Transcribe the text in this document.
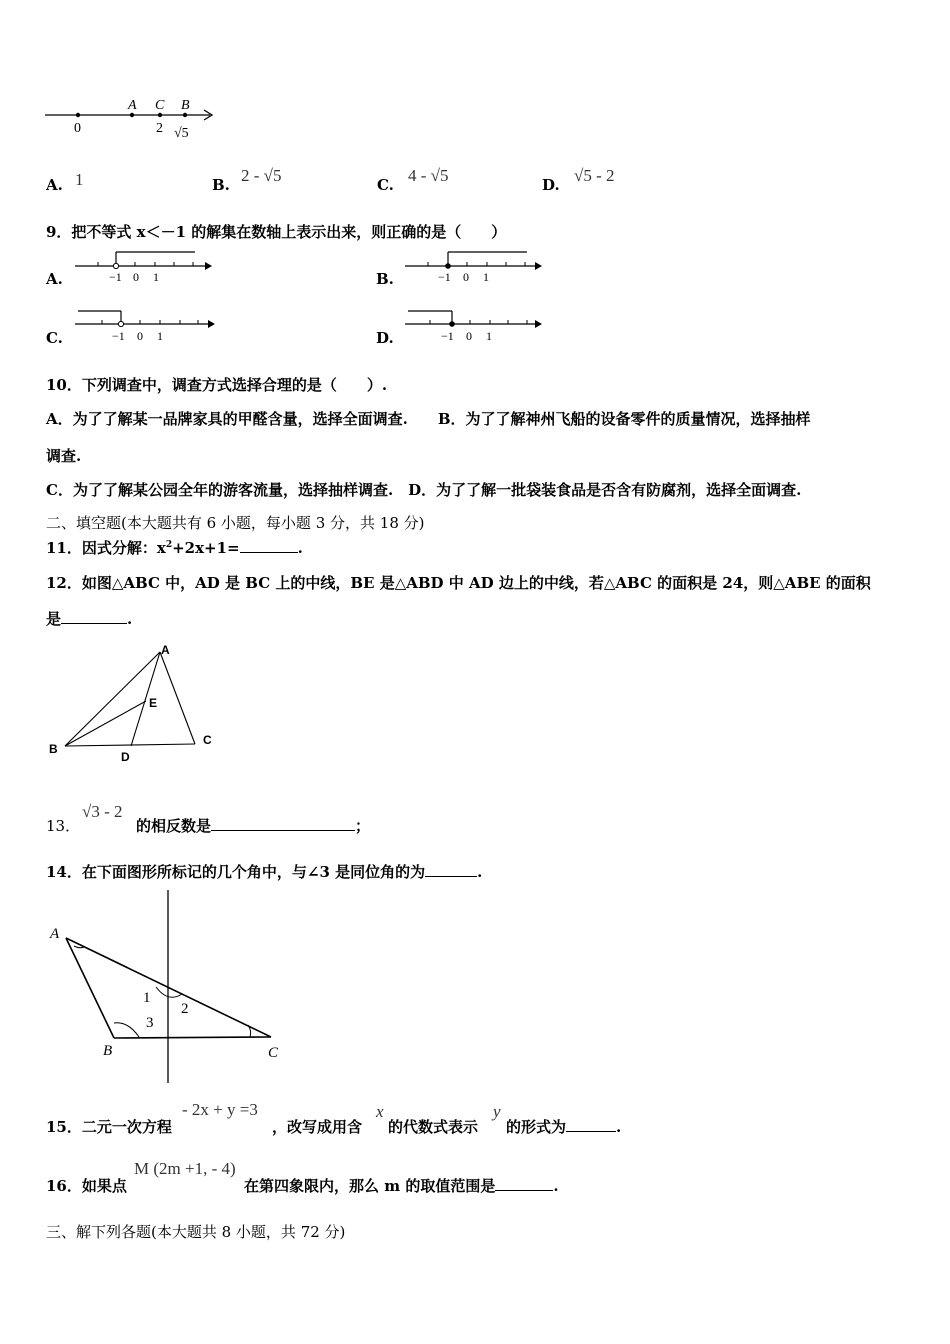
0
A C B
2 √5
A. 1	B. 2 - √5	C. 4 - √5	D. √5 - 2
9．把不等式 x＜－1 的解集在数轴上表示出来，则正确的是（　　）
A.	−1 0 1	B.	−1 0 1
C.	−1 0 1	D.	−1 0 1
10．下列调查中，调查方式选择合理的是（　　）.
A．为了了解某一品牌家具的甲醛含量，选择全面调查.　　B．为了了解神州飞船的设备零件的质量情况，选择抽样
调查.
C．为了了解某公园全年的游客流量，选择抽样调查.　D．为了了解一批袋装食品是否含有防腐剂，选择全面调查.
二、填空题(本大题共有 6 小题，每小题 3 分，共 18 分)
11．因式分解：$x^2+2x+1=$	.
12．如图△ABC 中，AD 是 BC 上的中线，BE 是△ABD 中 AD 边上的中线，若△ABC 的面积是 24，则△ABE 的面积
是	.
A
E
B
C
D
13．
√3 - 2
的相反数是	；
14．在下面图形所标记的几个角中，与∠3 是同位角的为	.
A
B	C
1
2
3
15．二元一次方程
- 2x + y =3
，改写成用含
x
的代数式表示
y
的形式为	.
16．如果点
M (2m +1, - 4)
在第四象限内，那么 m 的取值范围是	.
三、解下列各题(本大题共 8 小题，共 72 分)
